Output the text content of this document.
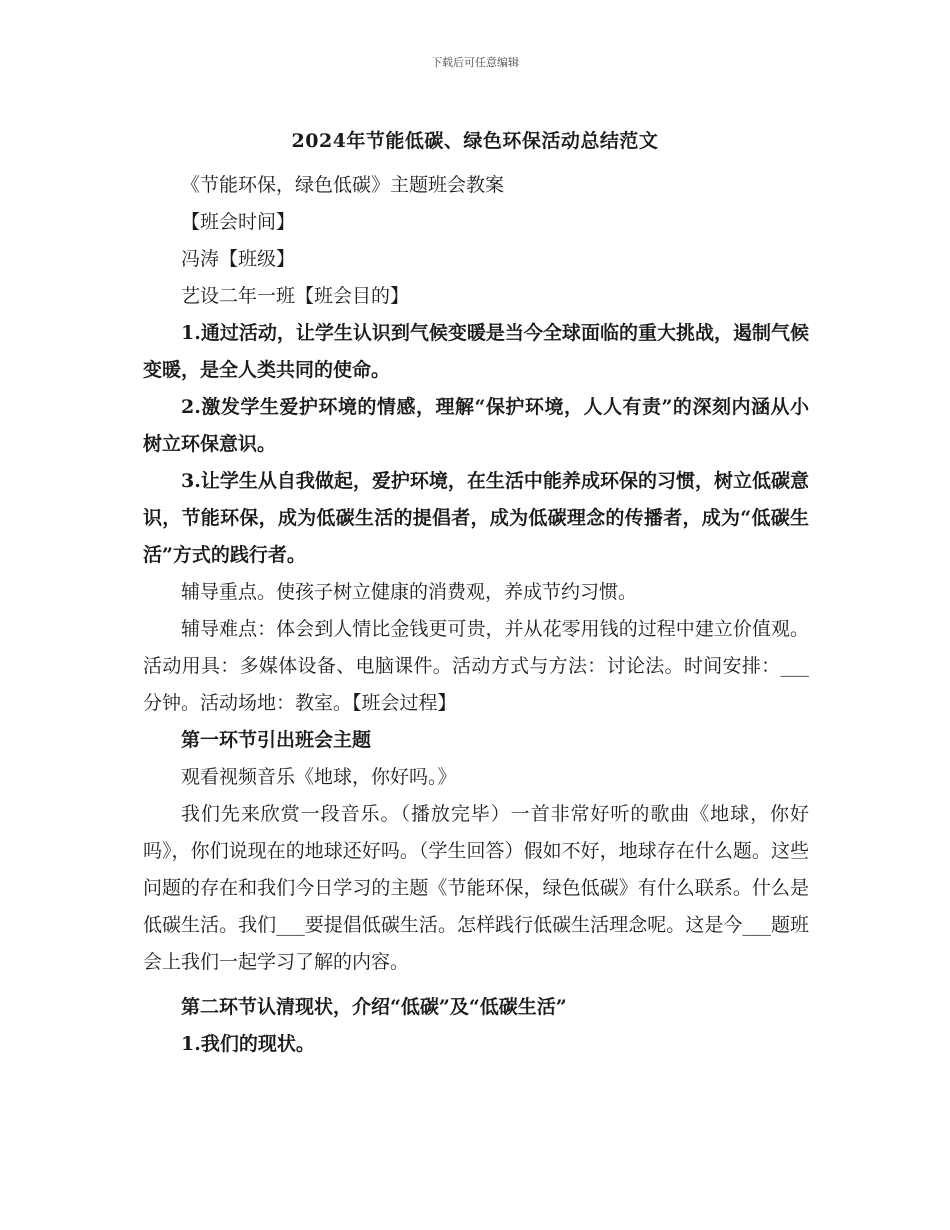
下载后可任意编辑
2024年节能低碳、绿色环保活动总结范文

《节能环保，绿色低碳》主题班会教案

【班会时间】

冯涛【班级】

艺设二年一班【班会目的】

1.通过活动，让学生认识到气候变暖是当今全球面临的重大挑战，遏制气候变暖，是全人类共同的使命。

2.激发学生爱护环境的情感，理解“保护环境，人人有责”的深刻内涵从小树立环保意识。

3.让学生从自我做起，爱护环境，在生活中能养成环保的习惯，树立低碳意识，节能环保，成为低碳生活的提倡者，成为低碳理念的传播者，成为“低碳生活”方式的践行者。

辅导重点。使孩子树立健康的消费观，养成节约习惯。

辅导难点：体会到人情比金钱更可贵，并从花零用钱的过程中建立价值观。活动用具：多媒体设备、电脑课件。活动方式与方法：讨论法。时间安排：___分钟。活动场地：教室。【班会过程】

第一环节引出班会主题

观看视频音乐《地球，你好吗。》

我们先来欣赏一段音乐。（播放完毕）一首非常好听的歌曲《地球，你好吗》，你们说现在的地球还好吗。（学生回答）假如不好，地球存在什么题。这些问题的存在和我们今日学习的主题《节能环保，绿色低碳》有什么联系。什么是低碳生活。我们___要提倡低碳生活。怎样践行低碳生活理念呢。这是今___题班会上我们一起学习了解的内容。

第二环节认清现状，介绍“低碳”及“低碳生活”

1.我们的现状。
